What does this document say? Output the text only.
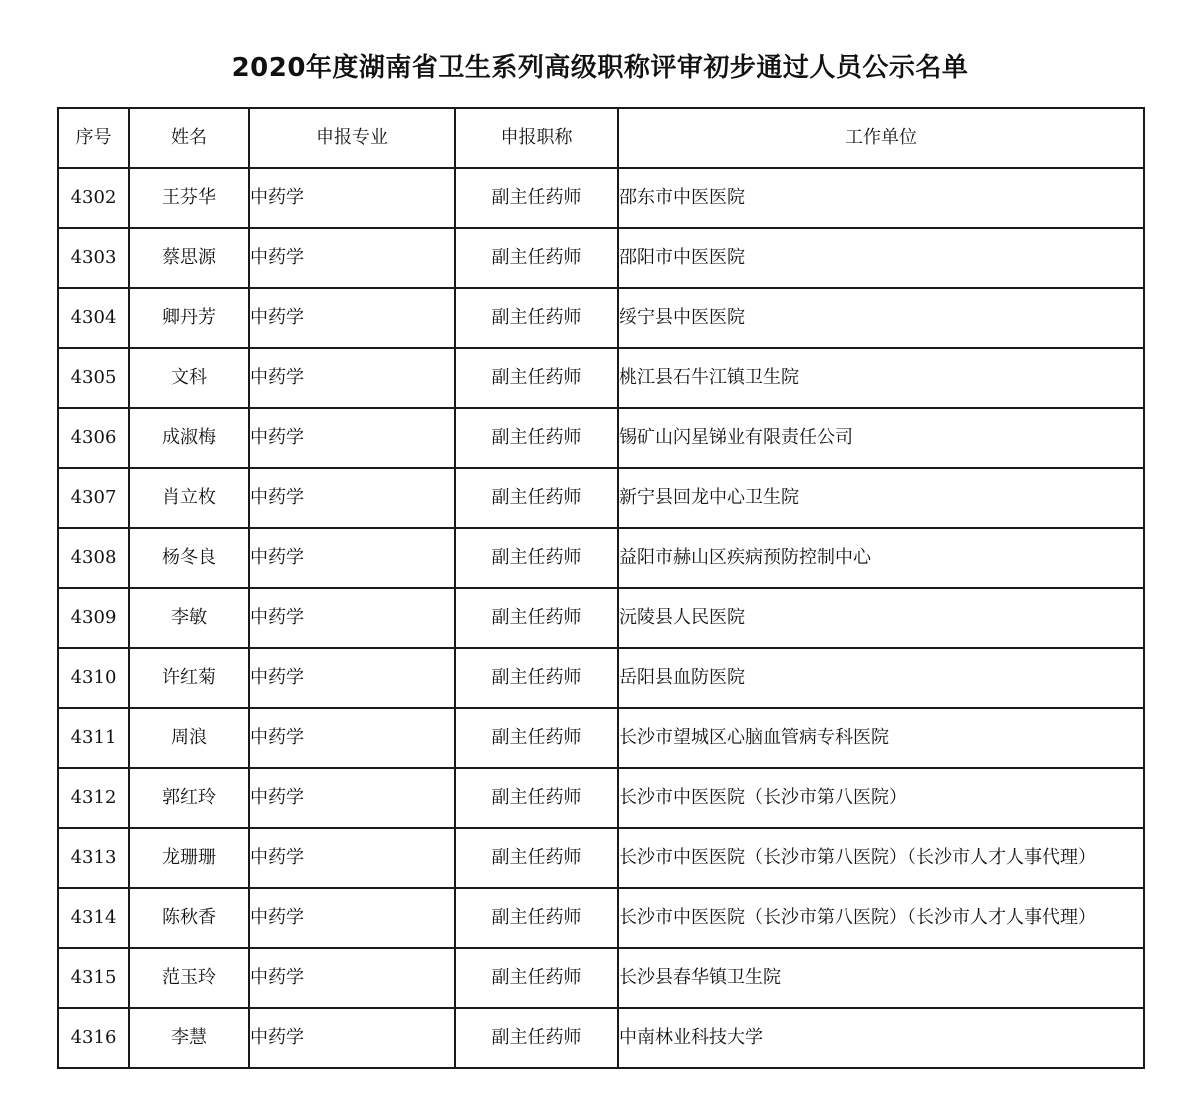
2020年度湖南省卫生系列高级职称评审初步通过人员公示名单
序号	姓名	申报专业	申报职称	工作单位
4302	王芬华	中药学	副主任药师	邵东市中医医院
4303	蔡思源	中药学	副主任药师	邵阳市中医医院
4304	卿丹芳	中药学	副主任药师	绥宁县中医医院
4305	文科	中药学	副主任药师	桃江县石牛江镇卫生院
4306	成淑梅	中药学	副主任药师	锡矿山闪星锑业有限责任公司
4307	肖立枚	中药学	副主任药师	新宁县回龙中心卫生院
4308	杨冬良	中药学	副主任药师	益阳市赫山区疾病预防控制中心
4309	李敏	中药学	副主任药师	沅陵县人民医院
4310	许红菊	中药学	副主任药师	岳阳县血防医院
4311	周浪	中药学	副主任药师	长沙市望城区心脑血管病专科医院
4312	郭红玲	中药学	副主任药师	长沙市中医医院（长沙市第八医院）
4313	龙珊珊	中药学	副主任药师	长沙市中医医院（长沙市第八医院）（长沙市人才人事代理）
4314	陈秋香	中药学	副主任药师	长沙市中医医院（长沙市第八医院）（长沙市人才人事代理）
4315	范玉玲	中药学	副主任药师	长沙县春华镇卫生院
4316	李慧	中药学	副主任药师	中南林业科技大学
